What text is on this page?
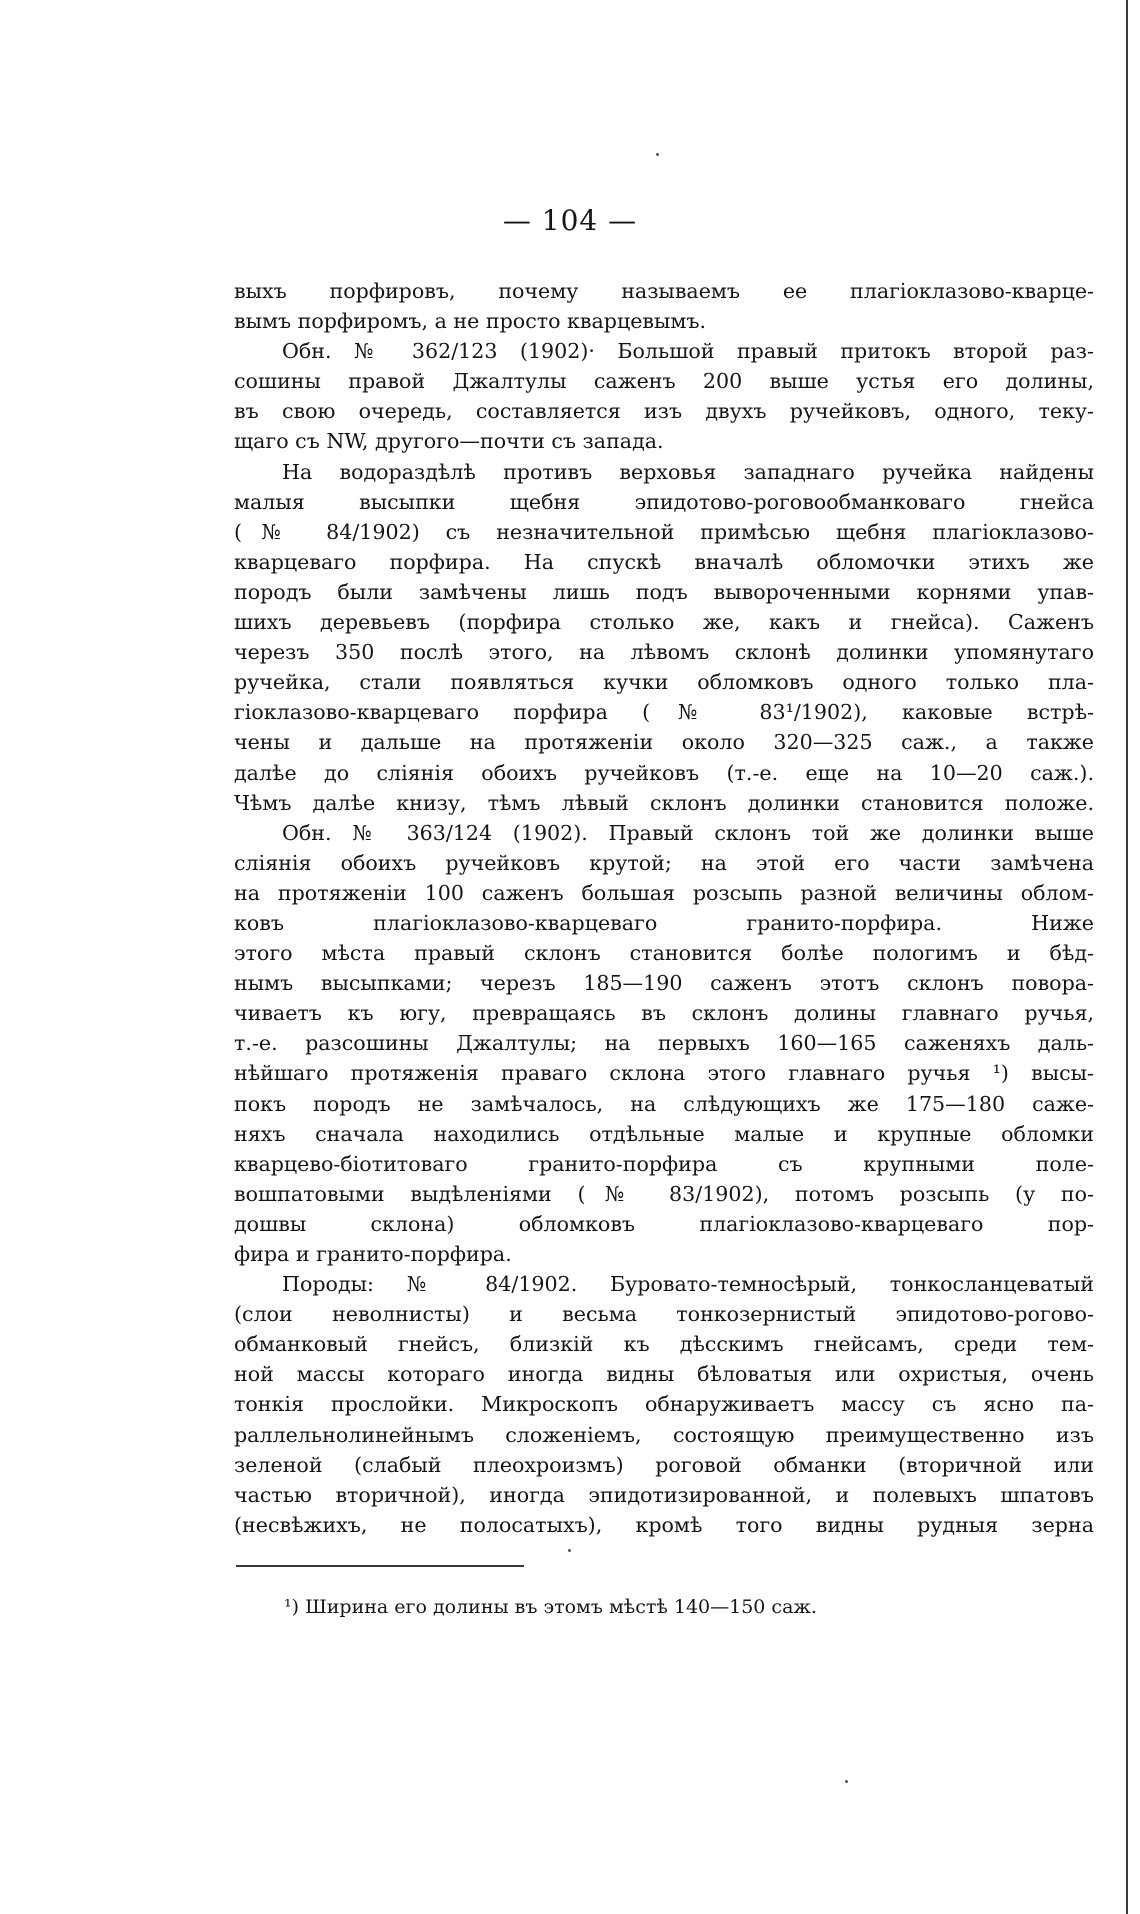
— 104 —
выхъ порфировъ, почему называемъ ее плагіоклазово-кварце-
вымъ порфиромъ, а не просто кварцевымъ.
Обн. № 362/123 (1902)· Большой правый притокъ второй раз-
сошины правой Джалтулы саженъ 200 выше устья его долины,
въ свою очередь, составляется изъ двухъ ручейковъ, одного, теку-
щаго съ NW, другого—почти съ запада.
На водораздѣлѣ противъ верховья западнаго ручейка найдены
малыя высыпки щебня эпидотово-роговообманковаго гнейса
(№ 84/1902) съ незначительной примѣсью щебня плагіоклазово-
кварцеваго порфира. На спускѣ вначалѣ обломочки этихъ же
породъ были замѣчены лишь подъ вывороченными корнями упав-
шихъ деревьевъ (порфира столько же, какъ и гнейса). Саженъ
черезъ 350 послѣ этого, на лѣвомъ склонѣ долинки упомянутаго
ручейка, стали появляться кучки обломковъ одного только пла-
гіоклазово-кварцеваго порфира (№ 83¹/1902), каковые встрѣ-
чены и дальше на протяженіи около 320—325 саж., а также
далѣе до слiянія обоихъ ручейковъ (т.-е. еще на 10—20 саж.).
Чѣмъ далѣе книзу, тѣмъ лѣвый склонъ долинки становится положе.
Обн. № 363/124 (1902). Правый склонъ той же долинки выше
слiянія обоихъ ручейковъ крутой; на этой его части замѣчена
на протяженіи 100 саженъ большая розсыпь разной величины облом-
ковъ плагіоклазово-кварцеваго гранито-порфира. Ниже
этого мѣста правый склонъ становится болѣе пологимъ и бѣд-
нымъ высыпками; черезъ 185—190 саженъ этотъ склонъ повора-
чиваетъ къ югу, превращаясь въ склонъ долины главнаго ручья,
т.-е. разсошины Джалтулы; на первыхъ 160—165 саженяхъ даль-
нѣйшаго протяженія праваго склона этого главнаго ручья ¹) высы-
покъ породъ не замѣчалось, на слѣдующихъ же 175—180 саже-
няхъ сначала находились отдѣльные малые и крупные обломки
кварцево-біотитоваго гранито-порфира съ крупными поле-
вошпатовыми выдѣленіями (№ 83/1902), потомъ розсыпь (у по-
дошвы склона) обломковъ плагіоклазово-кварцеваго пор-
фира и гранито-порфира.
Породы: № 84/1902. Буровато-темносѣрый, тонкосланцеватый
(слои неволнисты) и весьма тонкозернистый эпидотово-рогово-
обманковый гнейсъ, близкій къ дѣсскимъ гнейсамъ, среди тем-
ной массы котораго иногда видны бѣловатыя или охристыя, очень
тонкія прослойки. Микроскопъ обнаруживаетъ массу съ ясно па-
раллельнолинейнымъ сложеніемъ, состоящую преимущественно изъ
зеленой (слабый плеохроизмъ) роговой обманки (вторичной или
частью вторичной), иногда эпидотизированной, и полевыхъ шпатовъ
(несвѣжихъ, не полосатыхъ), кромѣ того видны рудныя зерна
¹) Ширина его долины въ этомъ мѣстѣ 140—150 саж.
